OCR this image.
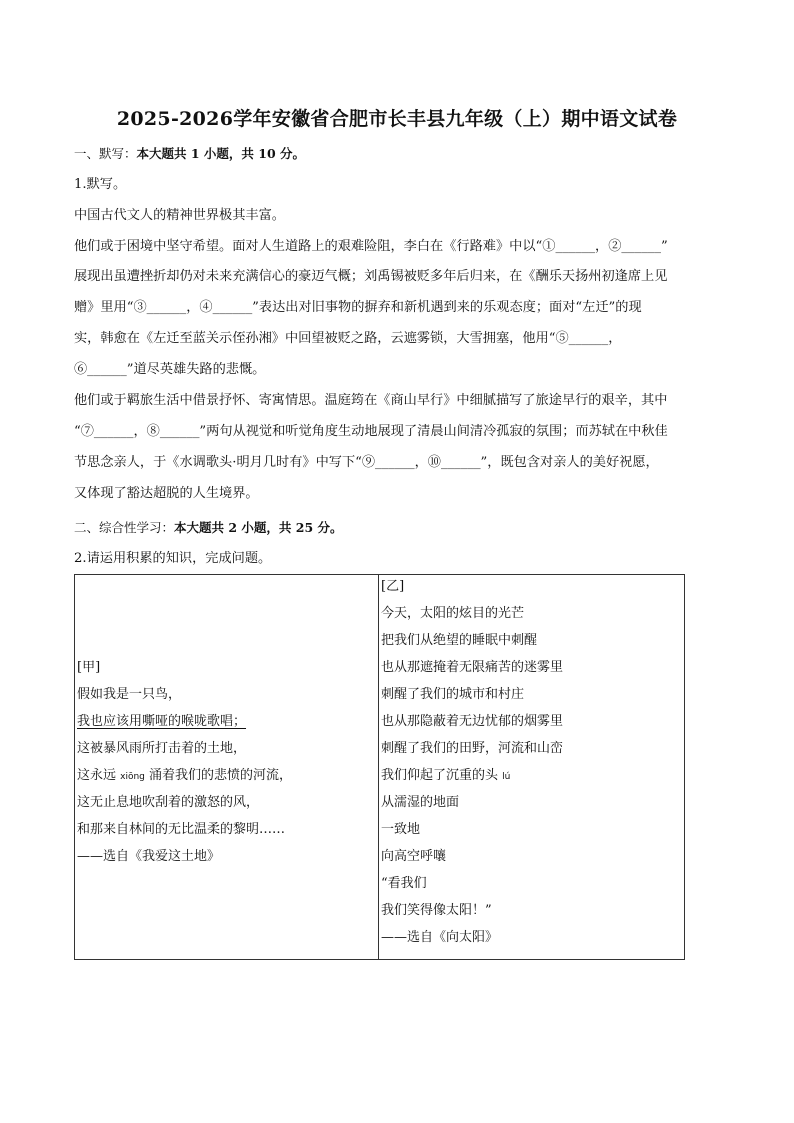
2025-2026学年安徽省合肥市长丰县九年级（上）期中语文试卷
一、默写：本大题共 1 小题，共 10 分。
1.默写。
中国古代文人的精神世界极其丰富。
他们或于困境中坚守希望。面对人生道路上的艰难险阻，李白在《行路难》中以“①______，②______”
展现出虽遭挫折却仍对未来充满信心的豪迈气概；刘禹锡被贬多年后归来，在《酬乐天扬州初逢席上见
赠》里用“③______，④______”表达出对旧事物的摒弃和新机遇到来的乐观态度；面对“左迁”的现
实，韩愈在《左迁至蓝关示侄孙湘》中回望被贬之路，云遮雾锁，大雪拥塞，他用“⑤______，
⑥______”道尽英雄失路的悲慨。
他们或于羁旅生活中借景抒怀、寄寓情思。温庭筠在《商山早行》中细腻描写了旅途早行的艰辛，其中
“⑦______，⑧______”两句从视觉和听觉角度生动地展现了清晨山间清冷孤寂的氛围；而苏轼在中秋佳
节思念亲人，于《水调歌头·明月几时有》中写下“⑨______，⑩______”，既包含对亲人的美好祝愿，
又体现了豁达超脱的人生境界。
二、综合性学习：本大题共 2 小题，共 25 分。
2.请运用积累的知识，完成问题。
[甲]
假如我是一只鸟，
我也应该用嘶哑的喉咙歌唱；
这被暴风雨所打击着的土地，
这永远 xiōng 涌着我们的悲愤的河流，
这无止息地吹刮着的激怒的风，
和那来自林间的无比温柔的黎明……
——选自《我爱这土地》

[乙]
今天，太阳的炫目的光芒
把我们从绝望的睡眠中刺醒
也从那遮掩着无限痛苦的迷雾里
刺醒了我们的城市和村庄
也从那隐蔽着无边忧郁的烟雾里
刺醒了我们的田野，河流和山峦
我们仰起了沉重的头 lú
从濡湿的地面
一致地
向高空呼嚷
“看我们
我们笑得像太阳！”
——选自《向太阳》
